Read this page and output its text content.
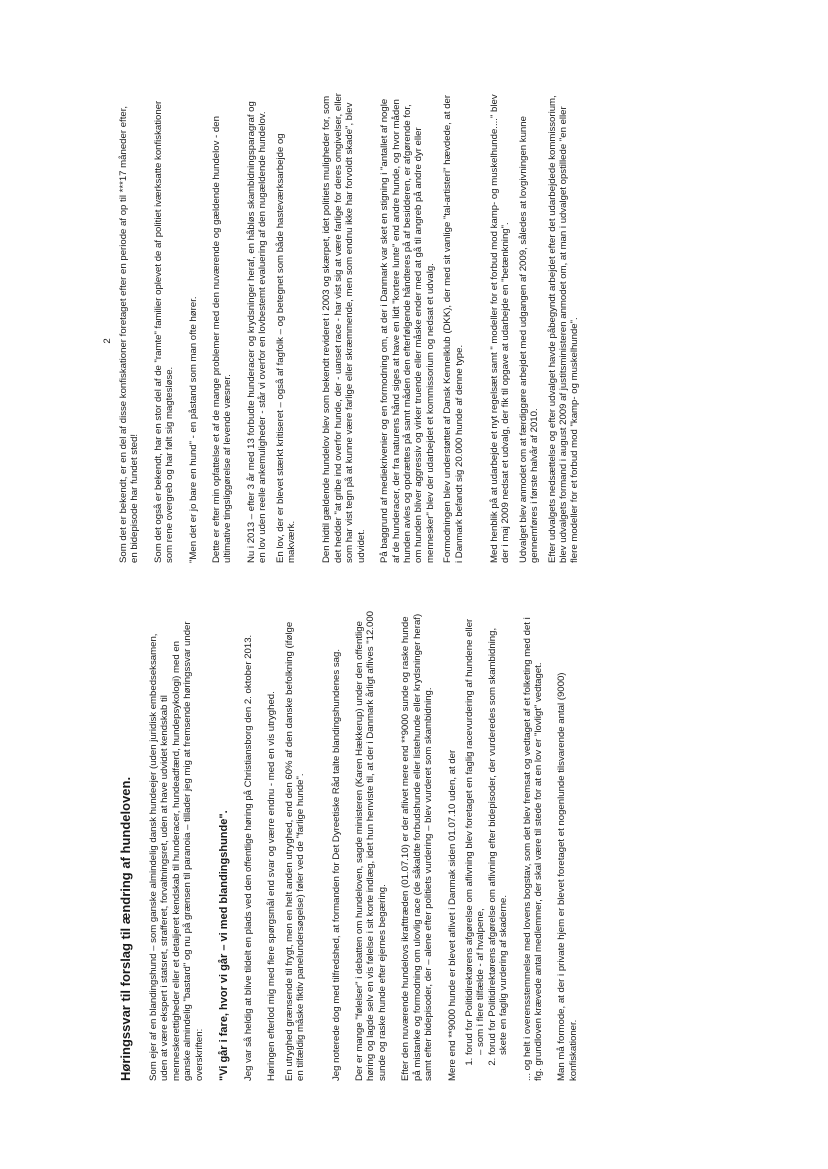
Høringssvar til forslag til ændring af hundeloven. Som ejer af en blandingshund – som ganske almindelig dansk hundeejer (uden juridisk embedseksamen, uden at være ekspert i statsret, strafferet, forvaltningsret, uden at have udvidet kendskab til menneskerettigheder eller et detaljeret kendskab til hunderacer, hundeadfærd, hundepsykologi) med en ganske almindelig "bastard" og nu på grænsen til paranoia – tillader jeg mig at fremsende høringssvar under overskriften: "Vi går i fare, hvor vi går – vi med blandingshunde". Jeg var så heldig at blive tildelt en plads ved den offentlige høring på Christiansborg den 2. oktober 2013. Høringen efterlod mig med flere spørgsmål end svar og værre endnu - med en vis utryghed. En utryghed grænsende til frygt, men en helt anden utryghed, end den 60% af den danske befolkning (ifølge en tilfældig måske fiktiv panelundersøgelse) føler ved de "farlige hunde".	Jeg noterede dog med tilfredshed, at formanden for Det Dyreetiske Råd talte blandingshundenes sag. Der er mange "følelser" i debatten om hundeloven, sagde ministeren (Karen Hækkerup) under den offentlige høring og lagde selv en vis følelse i sit korte indlæg, idet hun henviste til, at der i Danmark årligt aflives "12.000 sunde og raske hunde efter ejernes begæring. Efter den nuværende hundelovs ikrafttræden (01.07.10) er der aflivet mere end **9000 sunde og raske hunde på mistanke og formodning om ulovlig race (de såkaldte forbudshunde eller listehunde eller krydsninger heraf) samt efter bidepisoder, der – alene efter politiets vurdering – blev vurderet som skambidning. Mere end **9000 hunde er blevet aflivet i Danmak siden 01.07.10 uden, at der 1. forud for Politidirektørens afgørelse om aflivning blev foretaget en faglig racevurdering af hundene eller – som i flere tilfælde - af hvalpene, 2. forud for Politidirektørens afgørelse om aflivning efter bidepisoder, der vurderedes som skambidning, skete en faglig vurdering af skaderne. ... og helt i overensstemmelse med lovens bogstav, som det blev fremsat og vedtaget af et folketing med det i flg. grundloven krævede antal medlemmer, der skal være til stede for at en lov er "lovligt" vedtaget. Man må formode, at der i private hjem er blevet foretaget et nogenlunde tilsvarende antal (9000) konfiskationer.

2 Som det er bekendt, er en del af disse konfiskationer foretaget efter en periode af op til ***17 måneder efter, en bidepisode har fundet sted! Som det også er bekendt, har en stor del af de "ramte" familier oplevet de af politiet iværksatte konfiskationer som rene overgreb og har følt sig magtesløse. "Men det er jo bare en hund" - en påstand som man ofte hører. Dette er efter min opfattelse et af de mange problemer med den nuværende og gældende hundelov - den ultimative tingsliggørelse af levende væsner. Nu i 2013 – efter 3 år med 13 forbudte hunderacer og krydsninger heraf, en håbløs skambidningsparagraf og en lov uden reelle ankemuligheder - står vi overfor en lovbestemt evaluering af den nugældende hundelov. En lov, der er blevet stærkt kritiseret – også af fagfolk – og betegnet som både hasteværksarbejde og makværk.	Den hidtil gældende hundelov blev som bekendt revideret i 2003 og skærpet, idet politiets muligheder for, som det hedder "at gribe ind overfor hunde, der - uanset race - har vist sig at være farlige for deres omgivelser, eller som har vist tegn på at kunne være farlige eller skræmmende, men som endnu ikke har forvoldt skade", blev udvidet. På baggrund af mediekrivenier og en formodning om, at der i Danmark var sket en stigning i "antallet af nogle af de hunderacer, der fra naturens hånd siges at have en lidt "kortere lunte" end andre hunde, og hvor måden hunden avles og opdrættes på samt måden den efterfølgende håndteres på af besidderen, er afgørende for, om hunden bliver aggressiv og virker truende eller måske ender med at gå til angreb på andre dyr eller mennesker" blev der udarbejdet et kommissorium og nedsat et udvalg. Formodningen blev understøttet af Dansk Kennelklub (DKK), der med sit vanlige "tal-artisteri" hævdede, at der i Danmark befandt sig 20.000 hunde af denne type.	Med henblik på at udarbejde et nyt regelsæt samt " modeller for et forbud mod kamp- og muskelhunde...." blev der i maj 2009 nedsat et udvalg, der fik til opgave at udarbejde en "betænkning". Udvalget blev anmodet om at færdiggøre arbejdet med udgangen af 2009, således at lovgivningen kunne gennemføres i første halvår af 2010. Efter udvalgets nedsættelse og efter udvalget havde påbegyndt arbejdet efter det udarbejdede kommissorium, blev udvalgets formand i august 2009 af justitsministeren anmodet om, at man i udvalget opstillede "en eller flere modeller for et forbud mod "kamp- og muskelhunde".
